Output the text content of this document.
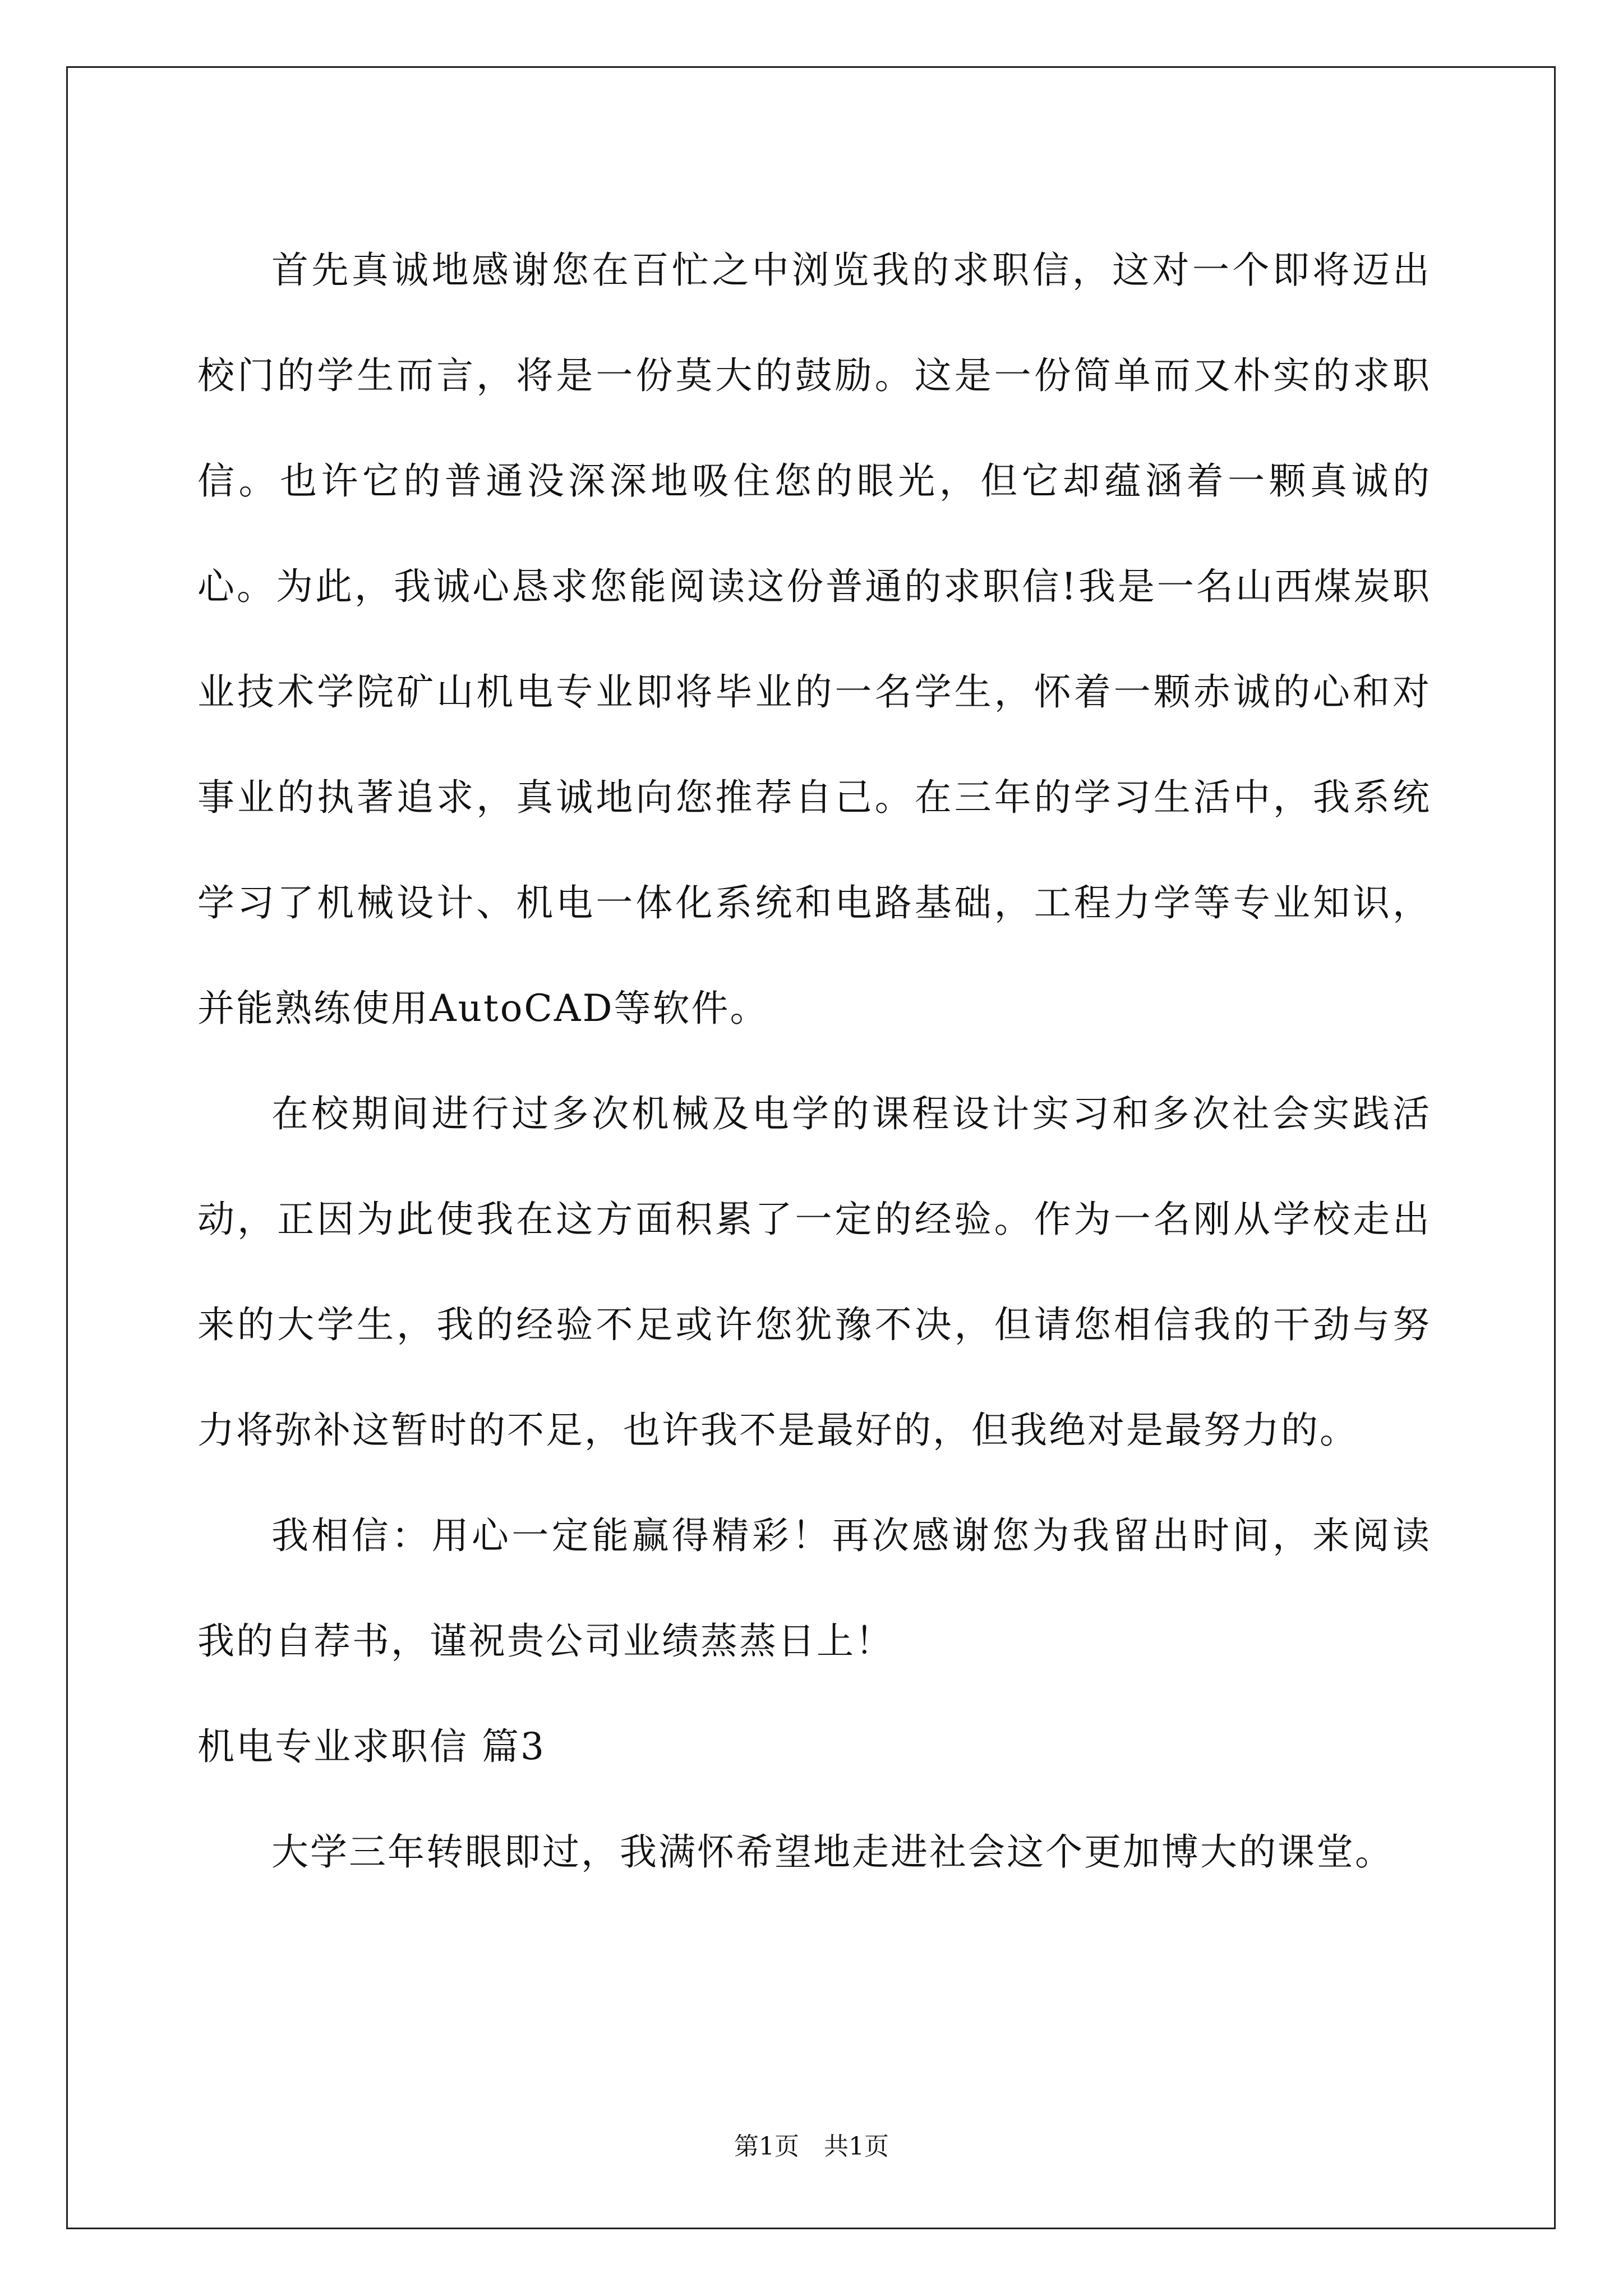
首先真诚地感谢您在百忙之中浏览我的求职信，这对一个即将迈出校门的学生而言，将是一份莫大的鼓励。这是一份简单而又朴实的求职信。也许它的普通没深深地吸住您的眼光，但它却蕴涵着一颗真诚的心。为此，我诚心恳求您能阅读这份普通的求职信!我是一名山西煤炭职业技术学院矿山机电专业即将毕业的一名学生，怀着一颗赤诚的心和对事业的执著追求，真诚地向您推荐自己。在三年的学习生活中，我系统学习了机械设计、机电一体化系统和电路基础，工程力学等专业知识，并能熟练使用AutoCAD等软件。

在校期间进行过多次机械及电学的课程设计实习和多次社会实践活动，正因为此使我在这方面积累了一定的经验。作为一名刚从学校走出来的大学生，我的经验不足或许您犹豫不决，但请您相信我的干劲与努力将弥补这暂时的不足，也许我不是最好的，但我绝对是最努力的。

我相信：用心一定能赢得精彩！再次感谢您为我留出时间，来阅读我的自荐书，谨祝贵公司业绩蒸蒸日上！

机电专业求职信 篇3

大学三年转眼即过，我满怀希望地走进社会这个更加博大的课堂。

第1页　共1页
